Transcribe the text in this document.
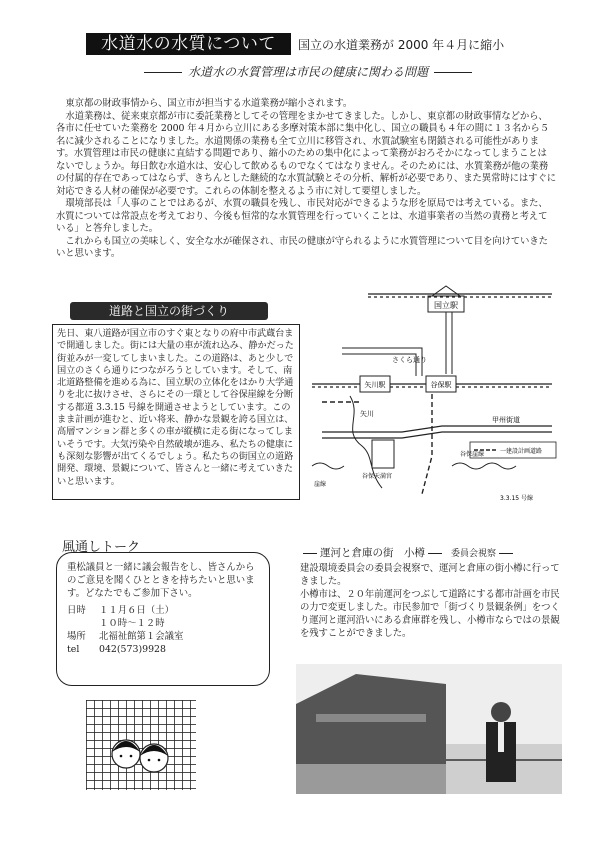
水道水の水質について	国立の水道業務が 2000 年４月に縮小
水道水の水質管理は市民の健康に関わる問題

東京都の財政事情から、国立市が担当する水道業務が縮小されます。

水道業務は、従来東京都が市に委託業務としてその管理をまかせてきました。しかし、東京都の財政事情などから、各市に任せていた業務を 2000 年４月から立川にある多摩対策本部に集中化し、国立の職員も４年の間に１３名から５名に減少されることになりました。水道関係の業務も全て立川に移管され、水質試験室も閉鎖される可能性があります。水質管理は市民の健康に直結する問題であり、縮小のための集中化によって業務がおろそかになってしまうことはないでしょうか。毎日飲む水道水は、安心して飲めるものでなくてはなりません。そのためには、水質業務が他の業務の付属的存在であってはならず、きちんとした継続的な水質試験とその分析、解析が必要であり、また異常時にはすぐに対応できる人材の確保が必要です。これらの体制を整えるよう市に対して要望しました。

環境部長は「人事のことではあるが、水質の職員を残し、市民対応ができるような形を原局では考えている。また、水質については常設点を考えており、今後も恒常的な水質管理を行っていくことは、水道事業者の当然の責務と考えている」と答弁しました。

これからも国立の美味しく、安全な水が確保され、市民の健康が守られるように水質管理について目を向けていきたいと思います。

道路と国立の街づくり

先日、東八道路が国立市のすぐ東となりの府中市武蔵台まで開通しました。街には大量の車が流れ込み、静かだった街並みが一変してしまいました。この道路は、あと少しで国立のさくら通りにつながろうとしています。そして、南北道路整備を進める為に、国立駅の立体化をはかり大学通りを北に抜けさせ、さらにその一環として谷保崖線を分断する都道 3.3.15 号線を開通させようとしています。このまま計画が進むと、近い将来、静かな景観を誇る国立は、高層マンション群と多くの車が縦横に走る街になってしまいそうです。大気汚染や自然破壊が進み、私たちの健康にも深刻な影響が出てくるでしょう。私たちの街国立の道路開発、環境、景観について、皆さんと一緒に考えていきたいと思います。

国立駅
さくら通り
矢川駅	谷保駅
矢川
甲州街道
谷保天満宮
3.3.15 号線
崖線
谷保崖線	一建設計画道路
風通しトーク
重松議員と一緒に議会報告をし、皆さんからのご意見を聞くひとときを持ちたいと思います。どなたでもご参加下さい。
日時	１１月６日（土）
１０時〜１２時
場所	北福祉館第１会議室
tel	042(573)9928
運河と倉庫の街　小樽	委員会視察

建設環境委員会の委員会視察で、運河と倉庫の街小樽に行ってきました。

小樽市は、２０年前運河をつぶして道路にする都市計画を市民の力で変更しました。市民参加で「街づくり景観条例」をつくり運河と運河沿いにある倉庫群を残し、小樽市ならではの景観を残すことができました。
